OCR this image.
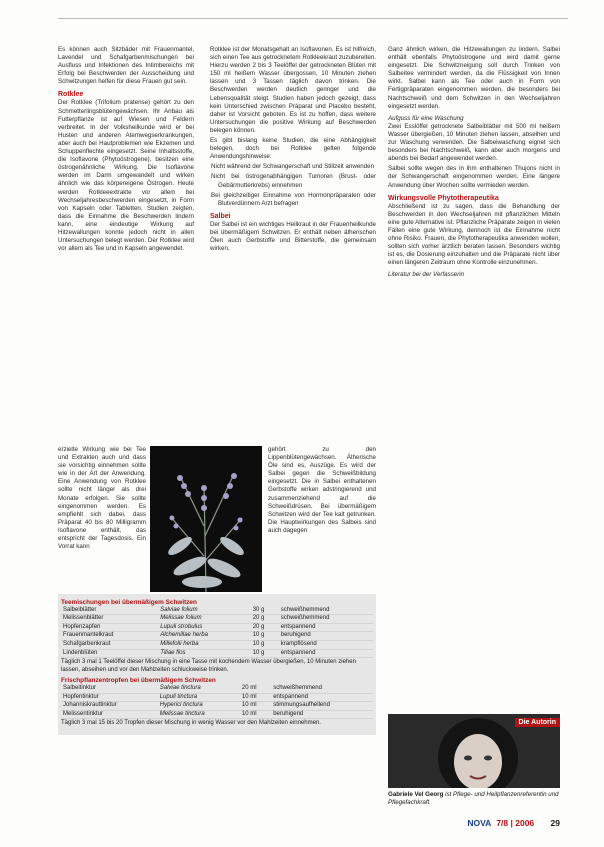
Es können auch Sitzbäder mit Frauenmantel, Lavendel und Schafgarbenmischungen bei Ausfluss und Infektionen des Intimbereichs mit Erfolg bei Beschwerden der Ausscheidung und Schwitzungen helfen für diese Frauen gut sein.

Rotklee

Der Rotklee (Trifolium pratense) gehört zu den Schmetterlingsblütengewächsen. Ihr Anbau als Futterpflanze ist auf Wiesen und Feldern verbreitet. In der Volksheilkunde wird er bei Husten und anderen Atemwegserkrankungen, aber auch bei Hautproblemen wie Ekzemen und Schuppenflechte eingesetzt. Seine Inhaltsstoffe, die Isoflavone (Phytoöstrogene), besitzen eine östrogenähnliche Wirkung. Die Isoflavone werden im Darm umgewandelt und wirken ähnlich wie das körpereigene Östrogen. Heute werden Rotkleeextrakte vor allem bei Wechseljahresbeschwerden eingesetzt, in Form von Kapseln oder Tabletten. Studien zeigten, dass die Einnahme die Beschwerden lindern kann, eine eindeutige Wirkung auf Hitzewallungen konnte jedoch nicht in allen Untersuchungen belegt werden. Der Rotklee wird vor allem als Tee und in Kapseln angewendet.

Rotklee ist der Monatsgehalt an Isoflavonen. Es ist hilfreich, sich einen Tee aus getrocknetem Rotkleekraut zuzubereiten. Hierzu werden 2 bis 3 Teelöffel der getrockneten Blüten mit 150 ml heißem Wasser übergossen, 10 Minuten ziehen lassen und 3 Tassen täglich davon trinken. Die Beschwerden werden deutlich geringer und die Lebensqualität steigt. Studien haben jedoch gezeigt, dass kein Unterschied zwischen Präparat und Placebo besteht, daher ist Vorsicht geboten. Es ist zu hoffen, dass weitere Untersuchungen die positive Wirkung auf Beschwerden belegen können.

Es gibt bislang keine Studien, die eine Abhängigkeit belegen, doch bei Rotklee gelten folgende Anwendungshinweise:

Nicht während der Schwangerschaft und Stillzeit anwenden

Nicht bei östrogenabhängigen Tumoren (Brust- oder Gebärmutterkrebs) einnehmen

Bei gleichzeitiger Einnahme von Hormonpräparaten oder Blutverdünnern Arzt befragen

Salbei

Der Salbei ist ein wichtiges Heilkraut in der Frauenheilkunde bei übermäßigem Schwitzen. Er enthält neben ätherischen Ölen auch Gerbstoffe und Bitterstoffe, die gemeinsam wirken.

erzielte Wirkung wie bei Tee und Extrakten auch und dass sie vorsichtig einnehmen sollte wie in der Art der Anwendung. Eine Anwendung von Rotklee sollte nicht länger als drei Monate erfolgen. Sie sollte eingenommen werden. Es empfiehlt sich dabei, dass Präparat 40 bis 80 Milligramm Isoflavone enthält, das entspricht der Tagesdosis. Ein Vorrat kann
gehört zu den Lippenblütengewächsen. Ätherische Öle sind es, Auszüge. Es wird der Salbei gegen die Schweißbildung eingesetzt. Die in Salbei enthaltenen Gerbstoffe wirken adstringierend und zusammenziehend auf die Schweißdrüsen. Bei übermäßigem Schwitzen wird der Tee kalt getrunken. Die Hauptwirkungen des Salbeis sind auch dagegen
Teemischungen bei übermäßigem Schwitzen
Salbeiblätter	Salviae folium	30 g	schweißhemmend
Melissenblätter	Melissae folium	20 g	schweißhemmend
Hopfenzapfen	Lupuli strobulus	20 g	entspannend
Frauenmantelkraut	Alchemillae herba	10 g	beruhigend
Schafgarbenkraut	Millefolii herba	10 g	krampflösend
Lindenblüten	Tiliae flos	10 g	entspannend
Täglich 3 mal 1 Teelöffel dieser Mischung in eine Tasse mit kochendem Wasser übergießen, 10 Minuten ziehen lassen, abseihen und vor den Mahlzeiten schluckweise trinken.
Frischpflanzentropfen bei übermäßigem Schwitzen
Salbeitinktur	Salviae tinctura	20 ml	schweißhemmend
Hopfentinktur	Lupuli tinctura	10 ml	entspannend
Johanniskrauttinktur	Hyperici tinctura	10 ml	stimmungsaufhellend
Melissentinktur	Melissae tinctura	10 ml	beruhigend
Täglich 3 mal 15 bis 20 Tropfen dieser Mischung in wenig Wasser vor den Mahlzeiten einnehmen.

Ganz ähnlich wirken, die Hitzewallungen zu lindern. Salbei enthält ebenfalls Phytoöstrogene und wird damit gerne eingesetzt. Die Schwitzneigung soll durch Trinken von Salbeitee vermindert werden, da die Flüssigkeit von Innen wirkt. Salbei kann als Tee oder auch in Form von Fertigpräparaten eingenommen werden, die besonders bei Nachtschweiß und dem Schwitzen in den Wechseljahren eingesetzt werden.

Aufguss für eine Waschung

Zwei Esslöffel getrocknete Salbeiblätter mit 500 ml heißem Wasser übergießen, 10 Minuten ziehen lassen, abseihen und zur Waschung verwenden. Die Salbeiwaschung eignet sich besonders bei Nachtschweiß, kann aber auch morgens und abends bei Bedarf angewendet werden.

Salbei sollte wegen des in ihm enthaltenen Thujons nicht in der Schwangerschaft eingenommen werden. Eine längere Anwendung über Wochen sollte vermieden werden.

Wirkungsvolle Phytotherapeutika

Abschließend ist zu sagen, dass die Behandlung der Beschwerden in den Wechseljahren mit pflanzlichen Mitteln eine gute Alternative ist. Pflanzliche Präparate zeigen in vielen Fällen eine gute Wirkung, dennoch ist die Einnahme nicht ohne Risiko. Frauen, die Phytotherapeutika anwenden wollen, sollten sich vorher ärztlich beraten lassen. Besonders wichtig ist es, die Dosierung einzuhalten und die Präparate nicht über einen längeren Zeitraum ohne Kontrolle einzunehmen.

Literatur bei der Verfasserin

Die Autorin
Gabriele Vel Georg ist Pflege- und Heilpflanzenreferentin und Pflegefachkraft.
NOVA 7/8 | 2006 29
